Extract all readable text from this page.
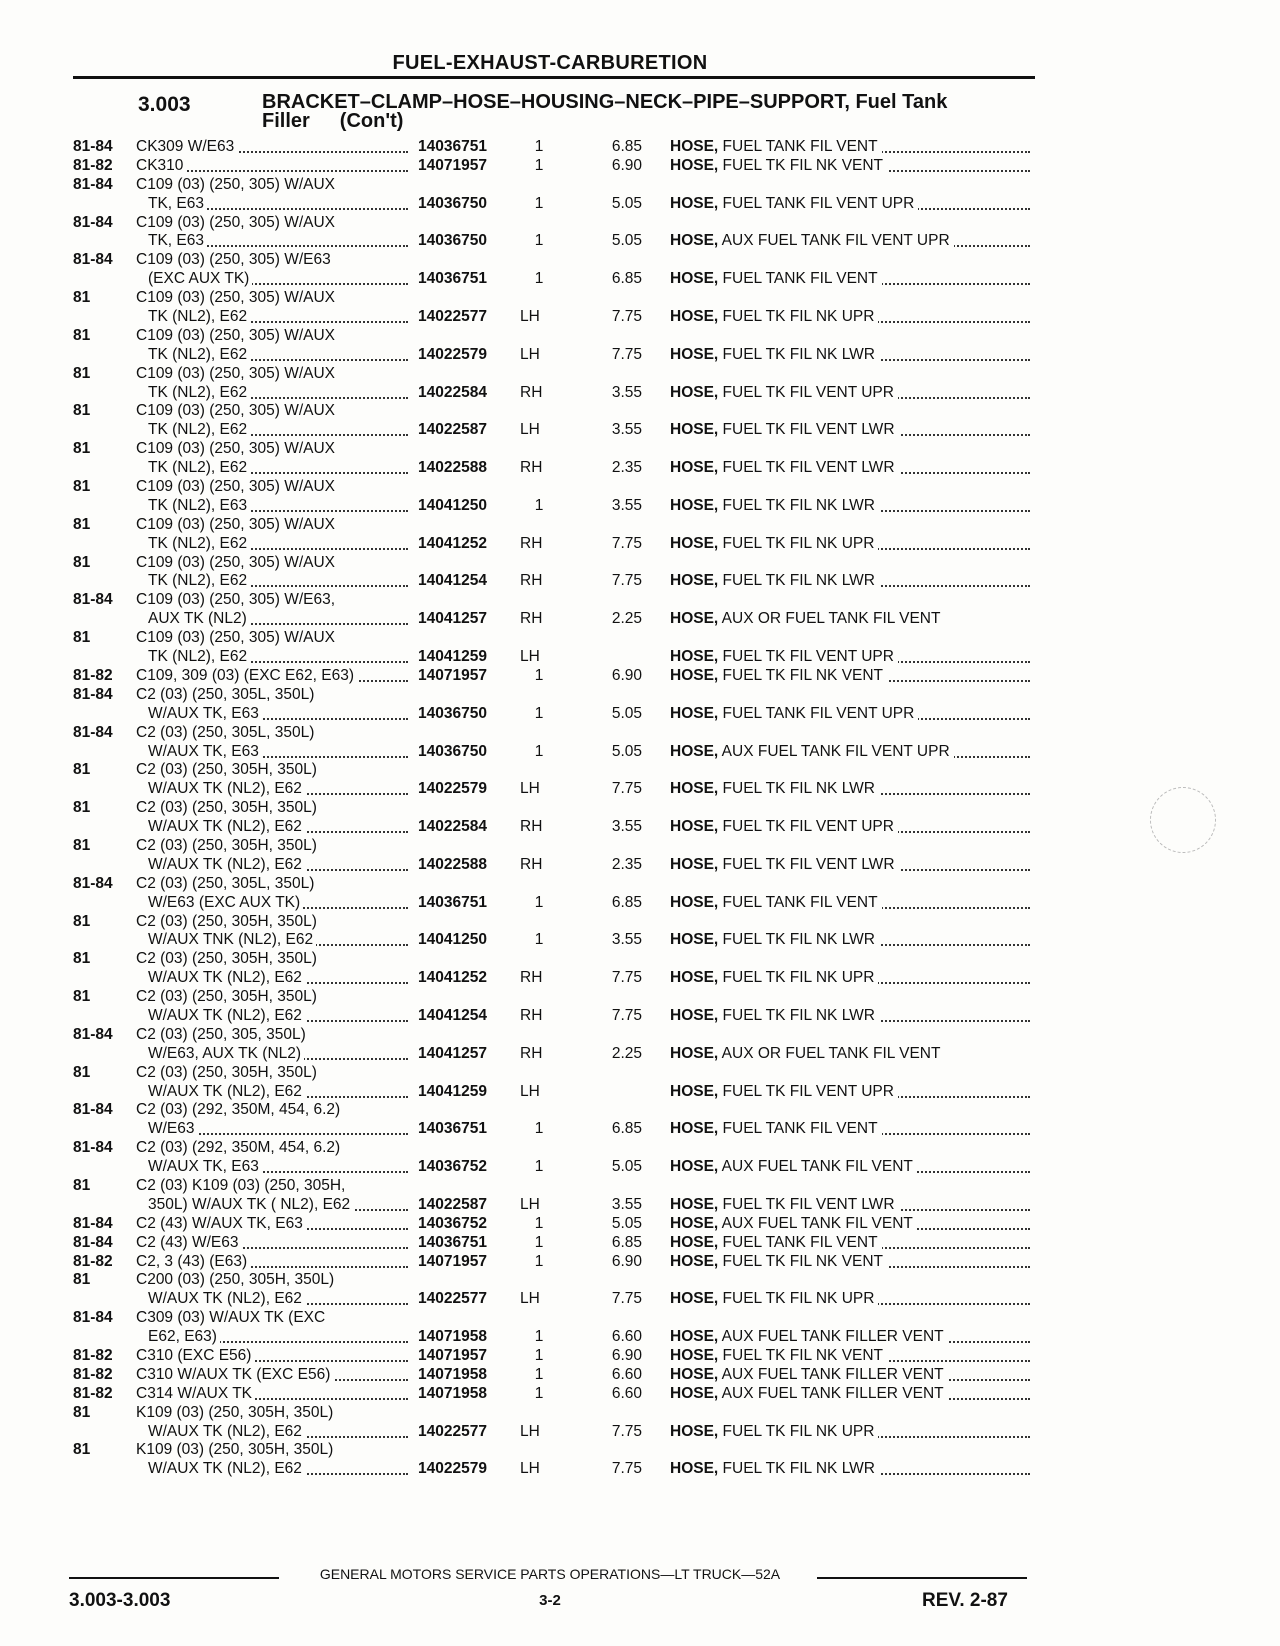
FUEL-EXHAUST-CARBURETION
3.003	BRACKET–CLAMP–HOSE–HOUSING–NECK–PIPE–SUPPORT, Fuel Tank
Filler (Con't)
81-84	CK309 W/E63	14036751	1	6.85 HOSE, FUEL TANK FIL VENT
81-82	CK310	14071957	1	6.90 HOSE, FUEL TK FIL NK VENT
81-84	C109 (03) (250, 305) W/AUX
TK, E63	14036750	1	5.05 HOSE, FUEL TANK FIL VENT UPR
81-84	C109 (03) (250, 305) W/AUX
TK, E63	14036750	1	5.05 HOSE, AUX FUEL TANK FIL VENT UPR
81-84	C109 (03) (250, 305) W/E63
(EXC AUX TK)	14036751	1	6.85 HOSE, FUEL TANK FIL VENT
81	C109 (03) (250, 305) W/AUX
TK (NL2), E62	14022577	LH	7.75 HOSE, FUEL TK FIL NK UPR
81	C109 (03) (250, 305) W/AUX
TK (NL2), E62	14022579	LH	7.75 HOSE, FUEL TK FIL NK LWR
81	C109 (03) (250, 305) W/AUX
TK (NL2), E62	14022584	RH	3.55 HOSE, FUEL TK FIL VENT UPR
81	C109 (03) (250, 305) W/AUX
TK (NL2), E62	14022587	LH	3.55 HOSE, FUEL TK FIL VENT LWR
81	C109 (03) (250, 305) W/AUX
TK (NL2), E62	14022588	RH	2.35 HOSE, FUEL TK FIL VENT LWR
81	C109 (03) (250, 305) W/AUX
TK (NL2), E63	14041250	1	3.55 HOSE, FUEL TK FIL NK LWR
81	C109 (03) (250, 305) W/AUX
TK (NL2), E62	14041252	RH	7.75 HOSE, FUEL TK FIL NK UPR
81	C109 (03) (250, 305) W/AUX
TK (NL2), E62	14041254	RH	7.75 HOSE, FUEL TK FIL NK LWR
81-84	C109 (03) (250, 305) W/E63,
AUX TK (NL2)	14041257	RH	2.25 HOSE, AUX OR FUEL TANK FIL VENT
81	C109 (03) (250, 305) W/AUX
TK (NL2), E62	14041259	LH	HOSE, FUEL TK FIL VENT UPR
81-82	C109, 309 (03) (EXC E62, E63)	14071957	1	6.90 HOSE, FUEL TK FIL NK VENT
81-84	C2 (03) (250, 305L, 350L)
W/AUX TK, E63	14036750	1	5.05 HOSE, FUEL TANK FIL VENT UPR
81-84	C2 (03) (250, 305L, 350L)
W/AUX TK, E63	14036750	1	5.05 HOSE, AUX FUEL TANK FIL VENT UPR
81	C2 (03) (250, 305H, 350L)
W/AUX TK (NL2), E62	14022579	LH	7.75 HOSE, FUEL TK FIL NK LWR
81	C2 (03) (250, 305H, 350L)
W/AUX TK (NL2), E62	14022584	RH	3.55 HOSE, FUEL TK FIL VENT UPR
81	C2 (03) (250, 305H, 350L)
W/AUX TK (NL2), E62	14022588	RH	2.35 HOSE, FUEL TK FIL VENT LWR
81-84	C2 (03) (250, 305L, 350L)
W/E63 (EXC AUX TK)	14036751	1	6.85 HOSE, FUEL TANK FIL VENT
81	C2 (03) (250, 305H, 350L)
W/AUX TNK (NL2), E62	14041250	1	3.55 HOSE, FUEL TK FIL NK LWR
81	C2 (03) (250, 305H, 350L)
W/AUX TK (NL2), E62	14041252	RH	7.75 HOSE, FUEL TK FIL NK UPR
81	C2 (03) (250, 305H, 350L)
W/AUX TK (NL2), E62	14041254	RH	7.75 HOSE, FUEL TK FIL NK LWR
81-84	C2 (03) (250, 305, 350L)
W/E63, AUX TK (NL2)	14041257	RH	2.25 HOSE, AUX OR FUEL TANK FIL VENT
81	C2 (03) (250, 305H, 350L)
W/AUX TK (NL2), E62	14041259	LH	HOSE, FUEL TK FIL VENT UPR
81-84	C2 (03) (292, 350M, 454, 6.2)
W/E63	14036751	1	6.85 HOSE, FUEL TANK FIL VENT
81-84	C2 (03) (292, 350M, 454, 6.2)
W/AUX TK, E63	14036752	1	5.05 HOSE, AUX FUEL TANK FIL VENT
81	C2 (03) K109 (03) (250, 305H,
350L) W/AUX TK ( NL2), E62	14022587	LH	3.55 HOSE, FUEL TK FIL VENT LWR
81-84	C2 (43) W/AUX TK, E63	14036752	1	5.05 HOSE, AUX FUEL TANK FIL VENT
81-84	C2 (43) W/E63	14036751	1	6.85 HOSE, FUEL TANK FIL VENT
81-82	C2, 3 (43) (E63)	14071957	1	6.90 HOSE, FUEL TK FIL NK VENT
81	C200 (03) (250, 305H, 350L)
W/AUX TK (NL2), E62	14022577	LH	7.75 HOSE, FUEL TK FIL NK UPR
81-84	C309 (03) W/AUX TK (EXC
E62, E63)	14071958	1	6.60 HOSE, AUX FUEL TANK FILLER VENT
81-82	C310 (EXC E56)	14071957	1	6.90 HOSE, FUEL TK FIL NK VENT
81-82	C310 W/AUX TK (EXC E56)	14071958	1	6.60 HOSE, AUX FUEL TANK FILLER VENT
81-82	C314 W/AUX TK	14071958	1	6.60 HOSE, AUX FUEL TANK FILLER VENT
81	K109 (03) (250, 305H, 350L)
W/AUX TK (NL2), E62	14022577	LH	7.75 HOSE, FUEL TK FIL NK UPR
81	K109 (03) (250, 305H, 350L)
W/AUX TK (NL2), E62	14022579	LH	7.75 HOSE, FUEL TK FIL NK LWR
GENERAL MOTORS SERVICE PARTS OPERATIONS—LT TRUCK—52A
3.003-3.003	3-2	REV. 2-87
